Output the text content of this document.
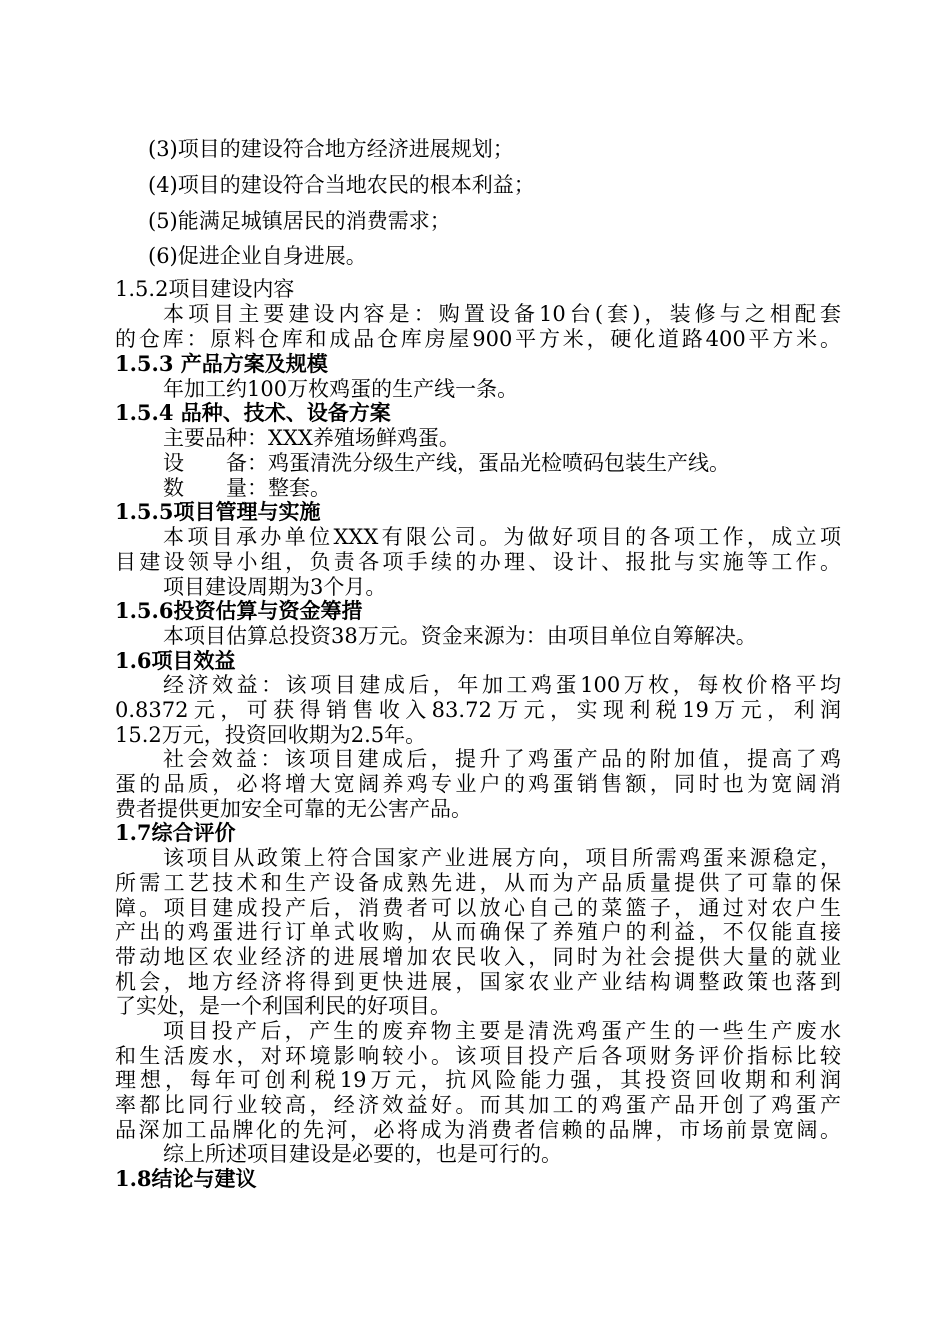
(3)项目的建设符合地方经济进展规划；
(4)项目的建设符合当地农民的根本利益；
(5)能满足城镇居民的消费需求；
(6)促进企业自身进展。
1.5.2项目建设内容
本项目主要建设内容是：购置设备10台(套)，装修与之相配套
的仓库：原料仓库和成品仓库房屋900平方米，硬化道路400平方米。
1.5.3 产品方案及规模
年加工约100万枚鸡蛋的生产线一条。
1.5.4 品种、技术、设备方案
主要品种：XXX养殖场鲜鸡蛋。
设　　备：鸡蛋清洗分级生产线，蛋品光检喷码包装生产线。
数　　量：整套。
1.5.5项目管理与实施
本项目承办单位XXX有限公司。为做好项目的各项工作，成立项
目建设领导小组，负责各项手续的办理、设计、报批与实施等工作。
项目建设周期为3个月。
1.5.6投资估算与资金筹措
本项目估算总投资38万元。资金来源为：由项目单位自筹解决。
1.6项目效益
经济效益：该项目建成后，年加工鸡蛋100万枚，每枚价格平均
0.8372元，可获得销售收入83.72万元，实现利税19万元，利润
15.2万元，投资回收期为2.5年。
社会效益：该项目建成后，提升了鸡蛋产品的附加值，提高了鸡
蛋的品质，必将增大宽阔养鸡专业户的鸡蛋销售额，同时也为宽阔消
费者提供更加安全可靠的无公害产品。
1.7综合评价
该项目从政策上符合国家产业进展方向，项目所需鸡蛋来源稳定，
所需工艺技术和生产设备成熟先进，从而为产品质量提供了可靠的保
障。项目建成投产后，消费者可以放心自己的菜篮子，通过对农户生
产出的鸡蛋进行订单式收购，从而确保了养殖户的利益，不仅能直接
带动地区农业经济的进展增加农民收入，同时为社会提供大量的就业
机会，地方经济将得到更快进展，国家农业产业结构调整政策也落到
了实处，是一个利国利民的好项目。
项目投产后，产生的废弃物主要是清洗鸡蛋产生的一些生产废水
和生活废水，对环境影响较小。该项目投产后各项财务评价指标比较
理想，每年可创利税19万元，抗风险能力强，其投资回收期和利润
率都比同行业较高，经济效益好。而其加工的鸡蛋产品开创了鸡蛋产
品深加工品牌化的先河，必将成为消费者信赖的品牌，市场前景宽阔。
综上所述项目建设是必要的，也是可行的。
1.8结论与建议
